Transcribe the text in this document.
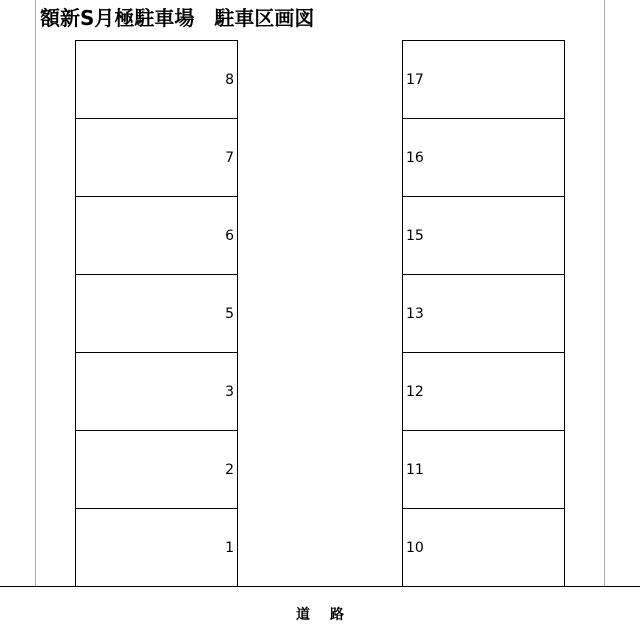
額新S月極駐車場　駐車区画図
8
7
6
5
3
2
1
17
16
15
13
12
11
10
道路
